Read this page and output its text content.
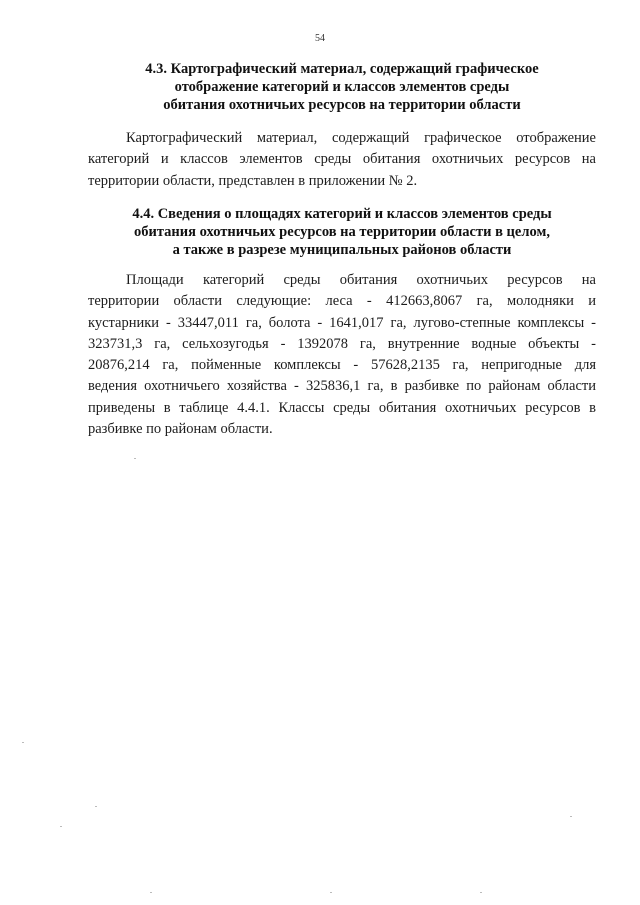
54
4.3. Картографический материал, содержащий графическое
отображение категорий и классов элементов среды
обитания охотничьих ресурсов на территории области
Картографический материал, содержащий графическое отображение
категорий и классов элементов среды обитания охотничьих ресурсов на
территории области, представлен в приложении № 2.
4.4. Сведения о площадях категорий и классов элементов среды
обитания охотничьих ресурсов на территории области в целом,
а также в разрезе муниципальных районов области
Площади категорий среды обитания охотничьих ресурсов на
территории области следующие: леса - 412663,8067 га, молодняки и
кустарники - 33447,011 га, болота - 1641,017 га, лугово-степные комплексы -
323731,3 га, сельхозугодья - 1392078 га, внутренние водные объекты -
20876,214 га, пойменные комплексы - 57628,2135 га, непригодные для
ведения охотничьего хозяйства - 325836,1 га, в разбивке по районам области
приведены в таблице 4.4.1. Классы среды обитания охотничьих ресурсов в
разбивке по районам области.
